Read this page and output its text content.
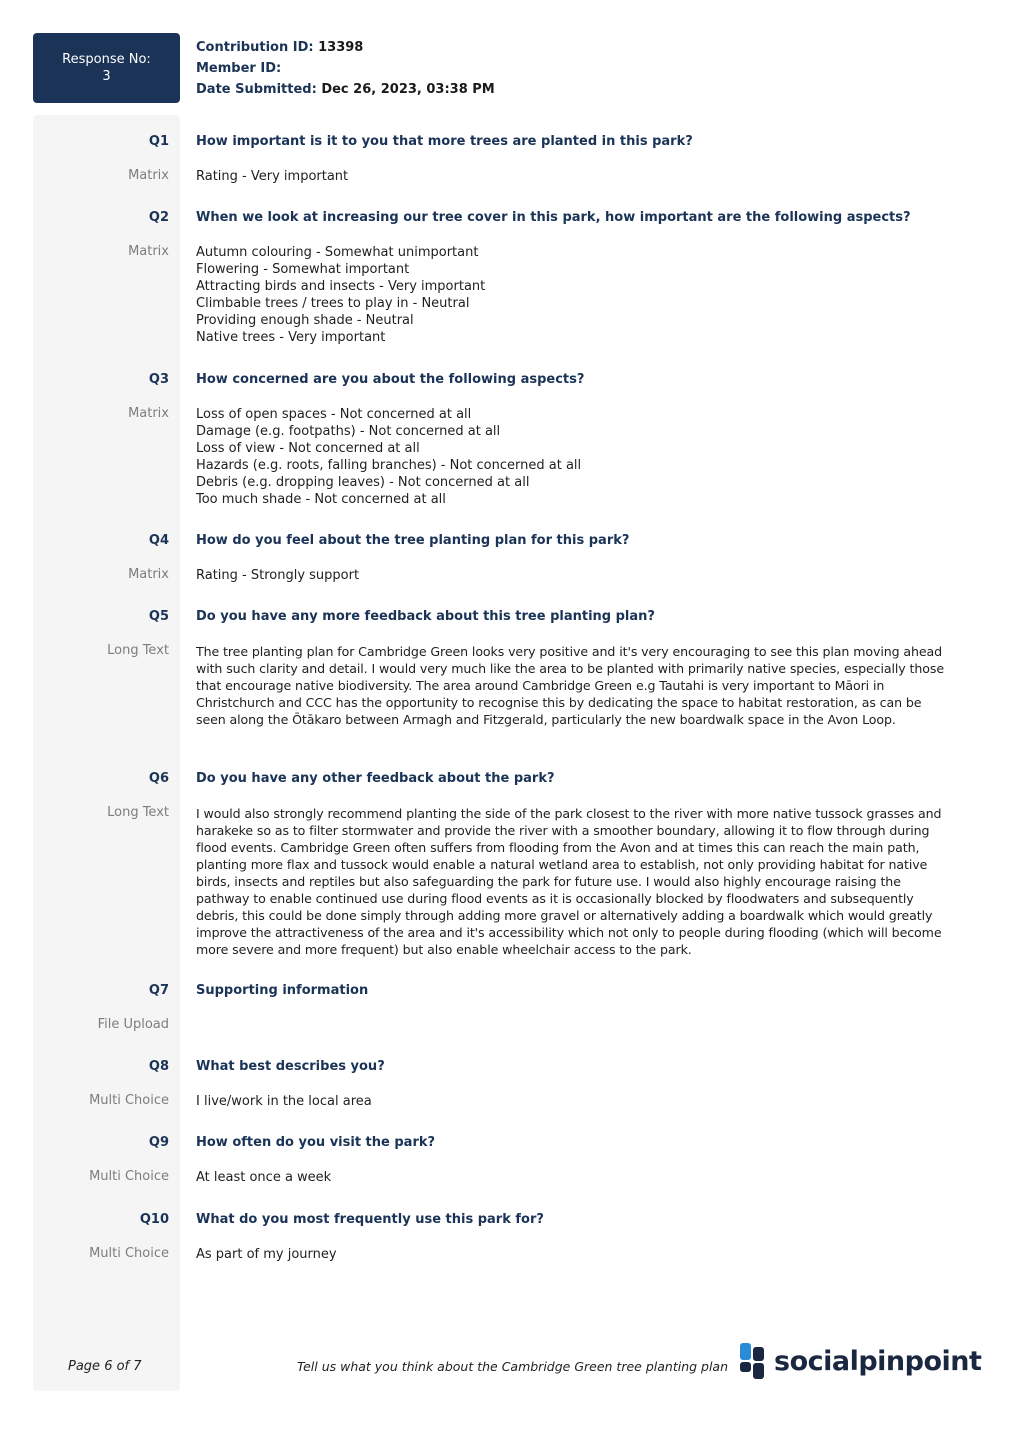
Response No:
3
Contribution ID: 13398
Member ID:
Date Submitted: Dec 26, 2023, 03:38 PM
Q1 How important is it to you that more trees are planted in this park?
Matrix Rating - Very important
Q2 When we look at increasing our tree cover in this park, how important are the following aspects?
Matrix Autumn colouring - Somewhat unimportant
Flowering - Somewhat important
Attracting birds and insects - Very important
Climbable trees / trees to play in - Neutral
Providing enough shade - Neutral
Native trees - Very important
Q3 How concerned are you about the following aspects?
Matrix Loss of open spaces - Not concerned at all
Damage (e.g. footpaths) - Not concerned at all
Loss of view - Not concerned at all
Hazards (e.g. roots, falling branches) - Not concerned at all
Debris (e.g. dropping leaves) - Not concerned at all
Too much shade - Not concerned at all
Q4 How do you feel about the tree planting plan for this park?
Matrix Rating - Strongly support
Q5 Do you have any more feedback about this tree planting plan?
Long Text The tree planting plan for Cambridge Green looks very positive and it's very encouraging to see this plan moving ahead with such clarity and detail. I would very much like the area to be planted with primarily native species, especially those that encourage native biodiversity. The area around Cambridge Green e.g Tautahi is very important to Māori in Christchurch and CCC has the opportunity to recognise this by dedicating the space to habitat restoration, as can be seen along the Ōtākaro between Armagh and Fitzgerald, particularly the new boardwalk space in the Avon Loop.

Q6 Do you have any other feedback about the park?
Long Text I would also strongly recommend planting the side of the park closest to the river with more native tussock grasses and harakeke so as to filter stormwater and provide the river with a smoother boundary, allowing it to flow through during flood events. Cambridge Green often suffers from flooding from the Avon and at times this can reach the main path, planting more flax and tussock would enable a natural wetland area to establish, not only providing habitat for native birds, insects and reptiles but also safeguarding the park for future use. I would also highly encourage raising the pathway to enable continued use during flood events as it is occasionally blocked by floodwaters and subsequently debris, this could be done simply through adding more gravel or alternatively adding a boardwalk which would greatly improve the attractiveness of the area and it's accessibility which not only to people during flooding (which will become more severe and more frequent) but also enable wheelchair access to the park.

Q7 Supporting information
File Upload
Q8 What best describes you?
Multi Choice I live/work in the local area
Q9 How often do you visit the park?
Multi Choice At least once a week
Q10 What do you most frequently use this park for?
Multi Choice As part of my journey
Page 6 of 7	Tell us what you think about the Cambridge Green tree planting plan socialpinpoint
